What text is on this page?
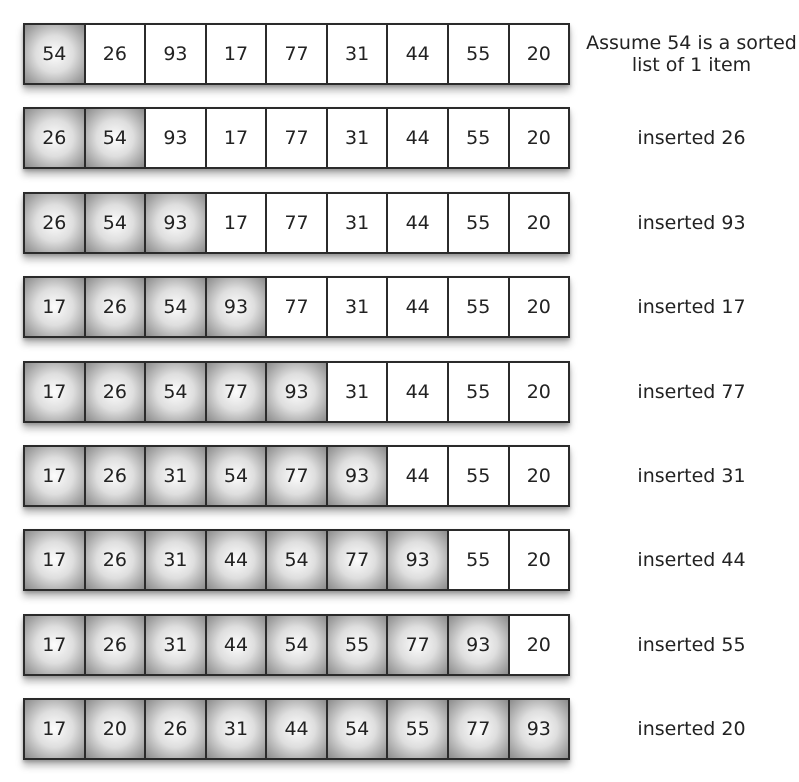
54	26	93	17	77	31	44	55	20	Assume 54 is a sorted
list of 1 item
26	54	93	17	77	31	44	55	20	inserted 26
26	54	93	17	77	31	44	55	20	inserted 93
17	26	54	93	77	31	44	55	20	inserted 17
17	26	54	77	93	31	44	55	20	inserted 77
17	26	31	54	77	93	44	55	20	inserted 31
17	26	31	44	54	77	93	55	20	inserted 44
17	26	31	44	54	55	77	93	20	inserted 55
17	20	26	31	44	54	55	77	93	inserted 20
